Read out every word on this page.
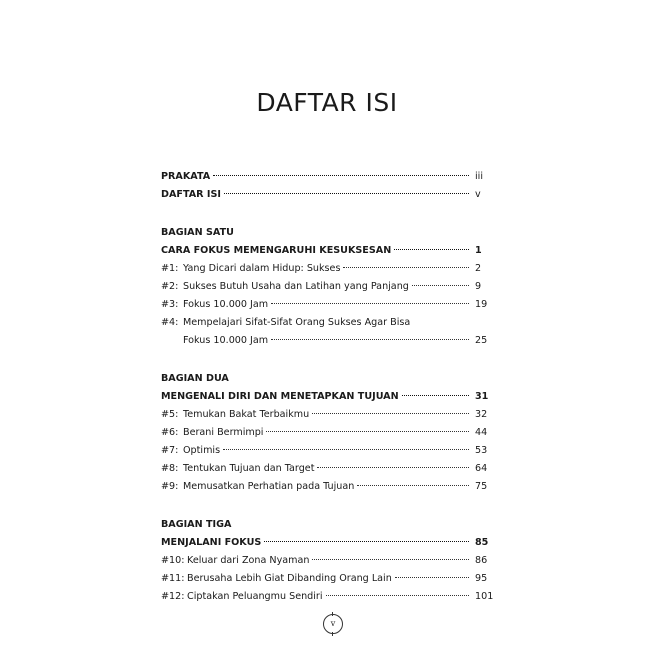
DAFTAR ISI
PRAKATA	iii
DAFTAR ISI	v
BAGIAN SATU
CARA FOKUS MEMENGARUHI KESUKSESAN	1
#1: Yang Dicari dalam Hidup: Sukses	2
#2: Sukses Butuh Usaha dan Latihan yang Panjang	9
#3: Fokus 10.000 Jam	19
#4: Mempelajari Sifat-Sifat Orang Sukses Agar Bisa
Fokus 10.000 Jam	25
BAGIAN DUA
MENGENALI DIRI DAN MENETAPKAN TUJUAN	31
#5: Temukan Bakat Terbaikmu	32
#6: Berani Bermimpi	44
#7: Optimis	53
#8: Tentukan Tujuan dan Target	64
#9: Memusatkan Perhatian pada Tujuan	75
BAGIAN TIGA
MENJALANI FOKUS	85
#10: Keluar dari Zona Nyaman	86
#11: Berusaha Lebih Giat Dibanding Orang Lain	95
#12: Ciptakan Peluangmu Sendiri	101
v
